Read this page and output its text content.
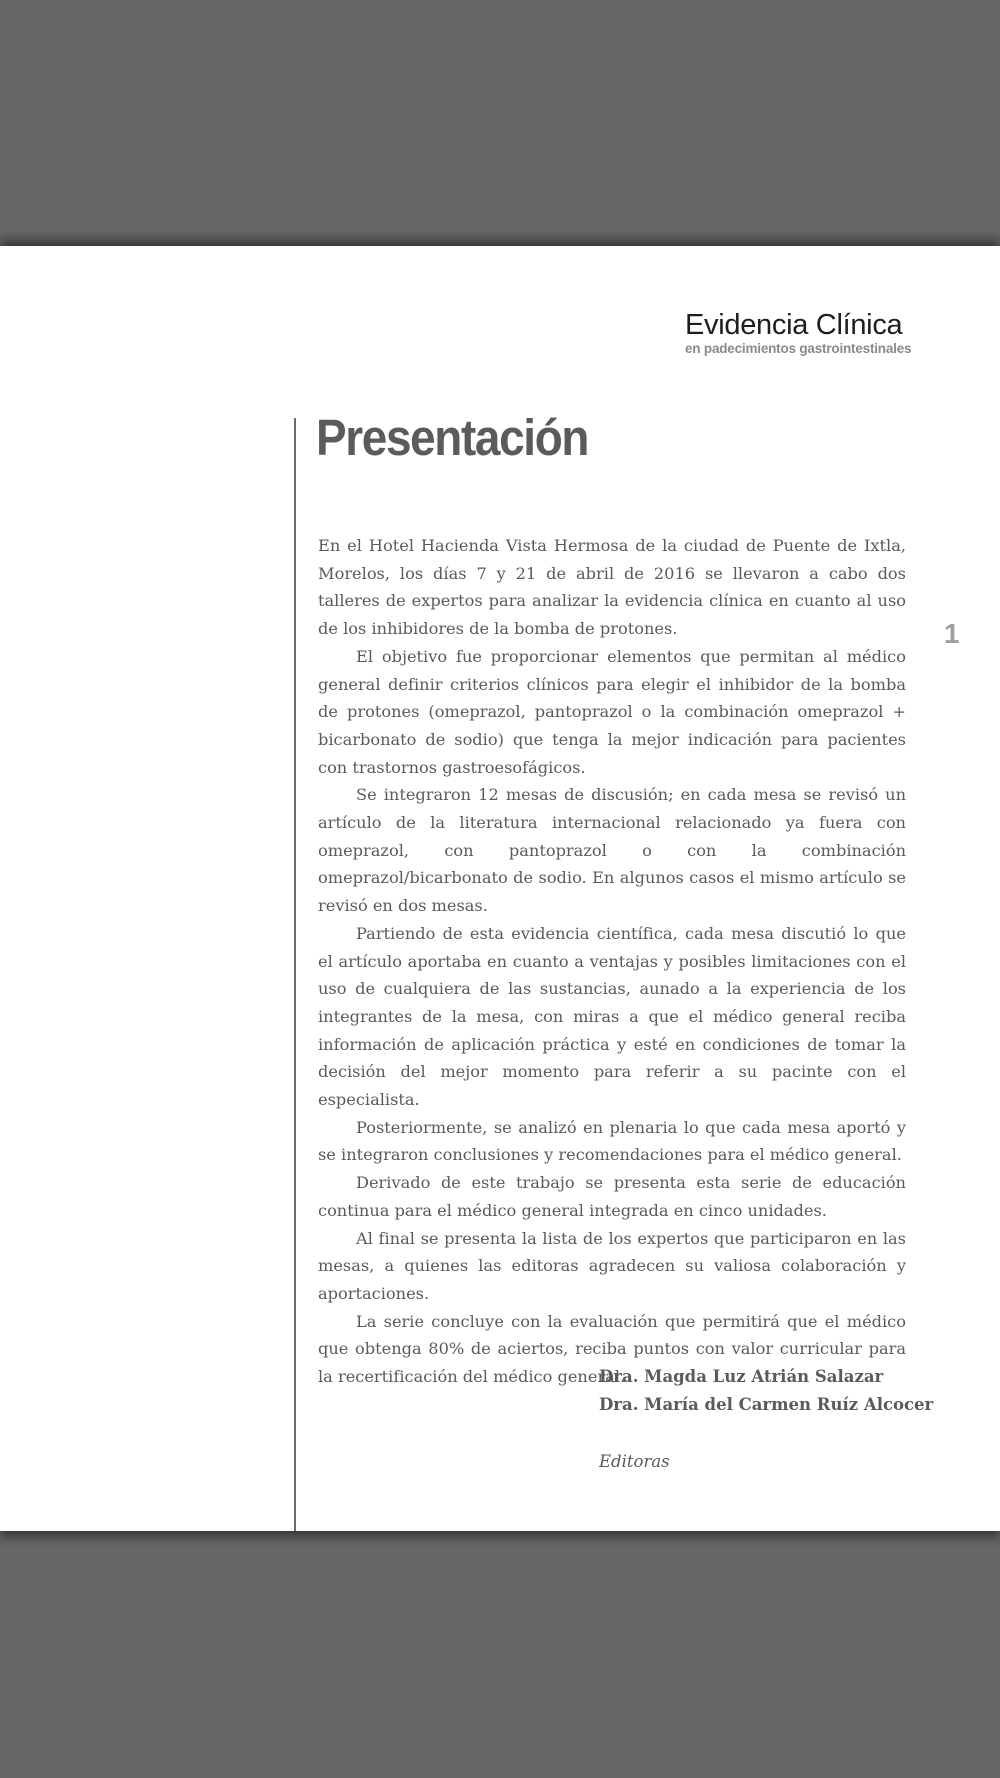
Evidencia Clínica
en padecimientos gastrointestinales
Presentación
1

En el Hotel Hacienda Vista Hermosa de la ciudad de Puente de Ixtla, Morelos, los días 7 y 21 de abril de 2016 se llevaron a cabo dos talleres de expertos para analizar la evidencia clínica en cuanto al uso de los inhibidores de la bomba de protones.

El objetivo fue proporcionar elementos que permitan al médico general definir criterios clínicos para elegir el inhibidor de la bomba de protones (omeprazol, pantoprazol o la combinación omeprazol + bicarbonato de sodio) que tenga la mejor indicación para pacientes con trastornos gastroesofágicos.

Se integraron 12 mesas de discusión; en cada mesa se revisó un artículo de la literatura internacional relacionado ya fuera con omeprazol, con pantoprazol o con la combinación omeprazol/bicarbonato de sodio. En algunos casos el mismo artículo se revisó en dos mesas.

Partiendo de esta evidencia científica, cada mesa discutió lo que el artículo aportaba en cuanto a ventajas y posibles limitaciones con el uso de cualquiera de las sustancias, aunado a la experiencia de los integrantes de la mesa, con miras a que el médico general reciba información de aplicación práctica y esté en condiciones de tomar la decisión del mejor momento para referir a su pacinte con el especialista.

Posteriormente, se analizó en plenaria lo que cada mesa aportó y se integraron conclusiones y recomendaciones para el médico general.

Derivado de este trabajo se presenta esta serie de educación continua para el médico general integrada en cinco unidades.

Al final se presenta la lista de los expertos que participaron en las mesas, a quienes las editoras agradecen su valiosa colaboración y aportaciones.

La serie concluye con la evaluación que permitirá que el médico que obtenga 80% de aciertos, reciba puntos con valor curricular para la recertificación del médico general.

Dra. Magda Luz Atrián Salazar
Dra. María del Carmen Ruíz Alcocer
Editoras
